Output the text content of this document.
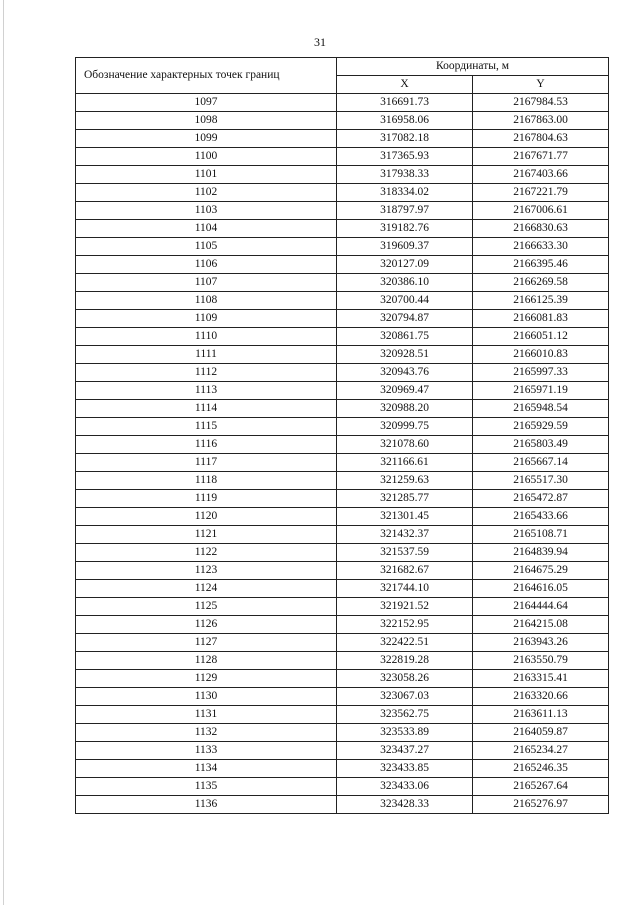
31
Обозначение характерных точек границ	Координаты, м	
	X	Y
1097	316691.73	2167984.53
1098	316958.06	2167863.00
1099	317082.18	2167804.63
1100	317365.93	2167671.77
1101	317938.33	2167403.66
1102	318334.02	2167221.79
1103	318797.97	2167006.61
1104	319182.76	2166830.63
1105	319609.37	2166633.30
1106	320127.09	2166395.46
1107	320386.10	2166269.58
1108	320700.44	2166125.39
1109	320794.87	2166081.83
1110	320861.75	2166051.12
1111	320928.51	2166010.83
1112	320943.76	2165997.33
1113	320969.47	2165971.19
1114	320988.20	2165948.54
1115	320999.75	2165929.59
1116	321078.60	2165803.49
1117	321166.61	2165667.14
1118	321259.63	2165517.30
1119	321285.77	2165472.87
1120	321301.45	2165433.66
1121	321432.37	2165108.71
1122	321537.59	2164839.94
1123	321682.67	2164675.29
1124	321744.10	2164616.05
1125	321921.52	2164444.64
1126	322152.95	2164215.08
1127	322422.51	2163943.26
1128	322819.28	2163550.79
1129	323058.26	2163315.41
1130	323067.03	2163320.66
1131	323562.75	2163611.13
1132	323533.89	2164059.87
1133	323437.27	2165234.27
1134	323433.85	2165246.35
1135	323433.06	2165267.64
1136	323428.33	2165276.97
